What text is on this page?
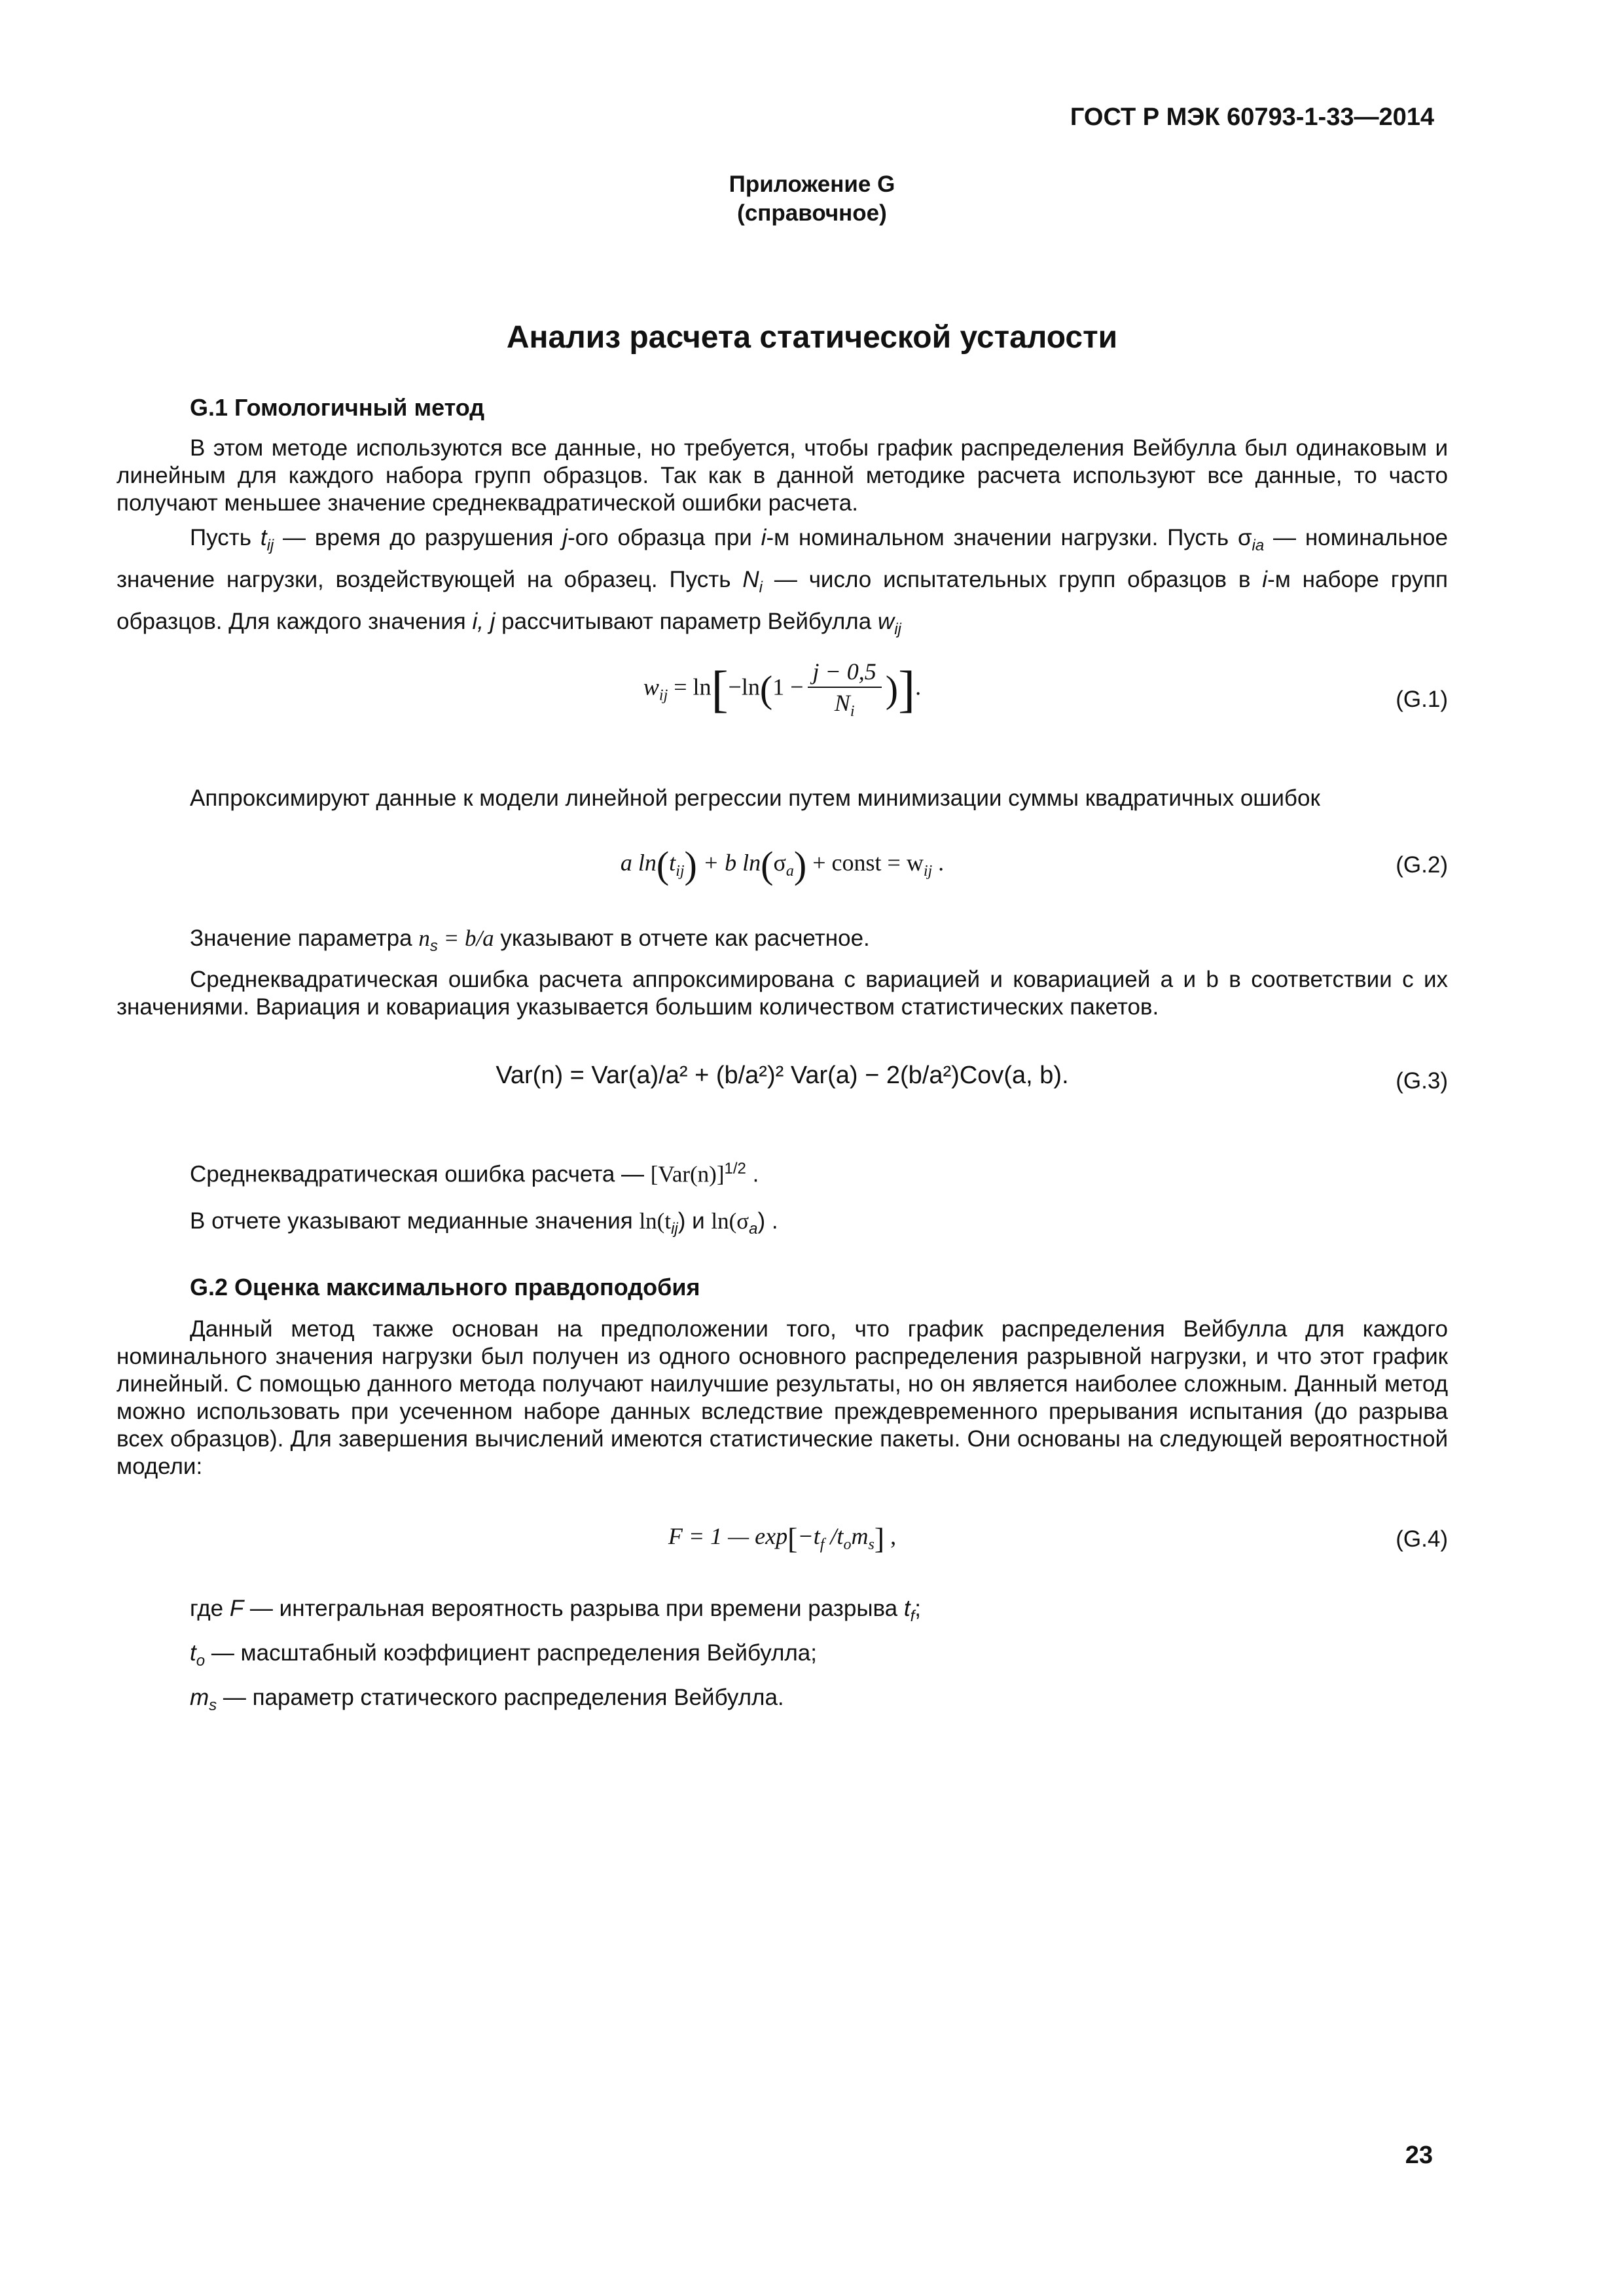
ГОСТ Р МЭК 60793-1-33—2014
Приложение G
(справочное)
Анализ расчета статической усталости
G.1 Гомологичный метод

В этом методе используются все данные, но требуется, чтобы график распределения Вейбулла был одинаковым и линейным для каждого набора групп образцов. Так как в данной методике расчета используют все данные, то часто получают меньшее значение среднеквадратической ошибки расчета.

Пусть $t_{ij}$ — время до разрушения j-ого образца при i-м номинальном значении нагрузки. Пусть $\sigma_{ia}$ — номинальное значение нагрузки, воздействующей на образец. Пусть $N_i$ — число испытательных групп образцов в i-м наборе групп образцов. Для каждого значения i, j рассчитывают параметр Вейбулла $w_{ij}$

$w_{ij} = \ln[-\ln(1 - \frac{j - 0,5}{N_i}$ )].	(G.1)
Аппроксимируют данные к модели линейной регрессии путем минимизации суммы квадратичных ошибок
a $\ln(t_{ij}) + b$ $\ln(\sigma_a)$ + const = $w_{ij}$ .	(G.2)
Значение параметра $n_s = b/a$ указывают в отчете как расчетное.

Среднеквадратическая ошибка расчета аппроксимирована с вариацией и ковариацией a и b в соответствии с их значениями. Вариация и ковариация указывается большим количеством статистических пакетов.

Var(n) = Var(a)/a² + (b/a²)² Var(a) − 2(b/a²)Cov(a, b).	(G.3)
Среднеквадратическая ошибка расчета — $[Var(n)]^{1/2}$ .
В отчете указывают медианные значения $\ln(t_{ij})$ и $\ln(\sigma_a)$ .
G.2 Оценка максимального правдоподобия

Данный метод также основан на предположении того, что график распределения Вейбулла для каждого номинального значения нагрузки был получен из одного основного распределения разрывной нагрузки, и что этот график линейный. С помощью данного метода получают наилучшие результаты, но он является наиболее сложным. Данный метод можно использовать при усеченном наборе данных вследствие преждевременного прерывания испытания (до разрыва всех образцов). Для завершения вычислений имеются статистические пакеты. Они основаны на следующей вероятностной модели:

F = 1 — $\exp[-t_f$ $/t_om_s$] ,	(G.4)
где F — интегральная вероятность разрыва при времени разрыва $t_f$;
$t_o$ — масштабный коэффициент распределения Вейбулла;
$m_s$ — параметр статического распределения Вейбулла.
23
